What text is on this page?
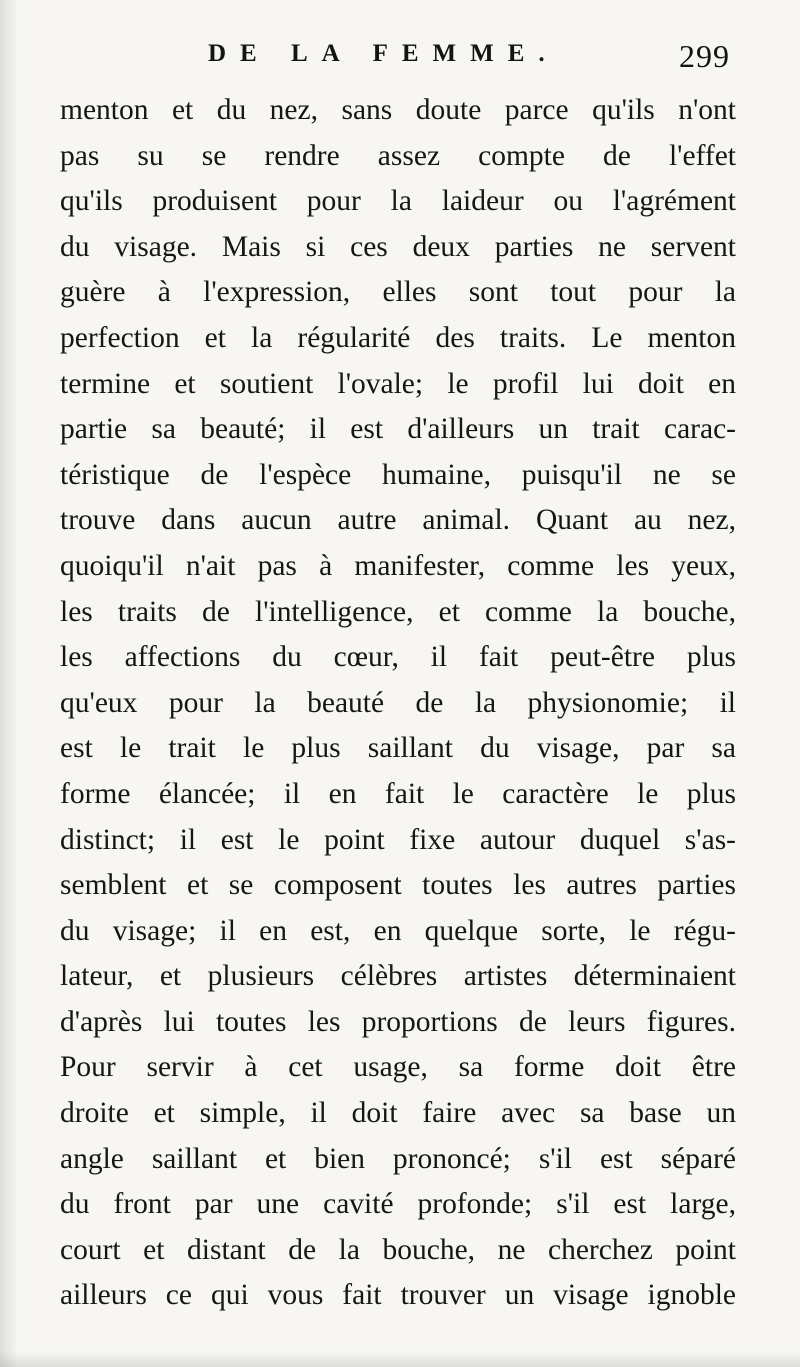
DE LA FEMME.	299
menton et du nez, sans doute parce qu'ils n'ont
pas su se rendre assez compte de l'effet
qu'ils produisent pour la laideur ou l'agrément
du visage. Mais si ces deux parties ne servent
guère à l'expression, elles sont tout pour la
perfection et la régularité des traits. Le menton
termine et soutient l'ovale; le profil lui doit en
partie sa beauté; il est d'ailleurs un trait carac-
téristique de l'espèce humaine, puisqu'il ne se
trouve dans aucun autre animal. Quant au nez,
quoiqu'il n'ait pas à manifester, comme les yeux,
les traits de l'intelligence, et comme la bouche,
les affections du cœur, il fait peut-être plus
qu'eux pour la beauté de la physionomie; il
est le trait le plus saillant du visage, par sa
forme élancée; il en fait le caractère le plus
distinct; il est le point fixe autour duquel s'as-
semblent et se composent toutes les autres parties
du visage; il en est, en quelque sorte, le régu-
lateur, et plusieurs célèbres artistes déterminaient
d'après lui toutes les proportions de leurs figures.
Pour servir à cet usage, sa forme doit être
droite et simple, il doit faire avec sa base un
angle saillant et bien prononcé; s'il est séparé
du front par une cavité profonde; s'il est large,
court et distant de la bouche, ne cherchez point
ailleurs ce qui vous fait trouver un visage ignoble
